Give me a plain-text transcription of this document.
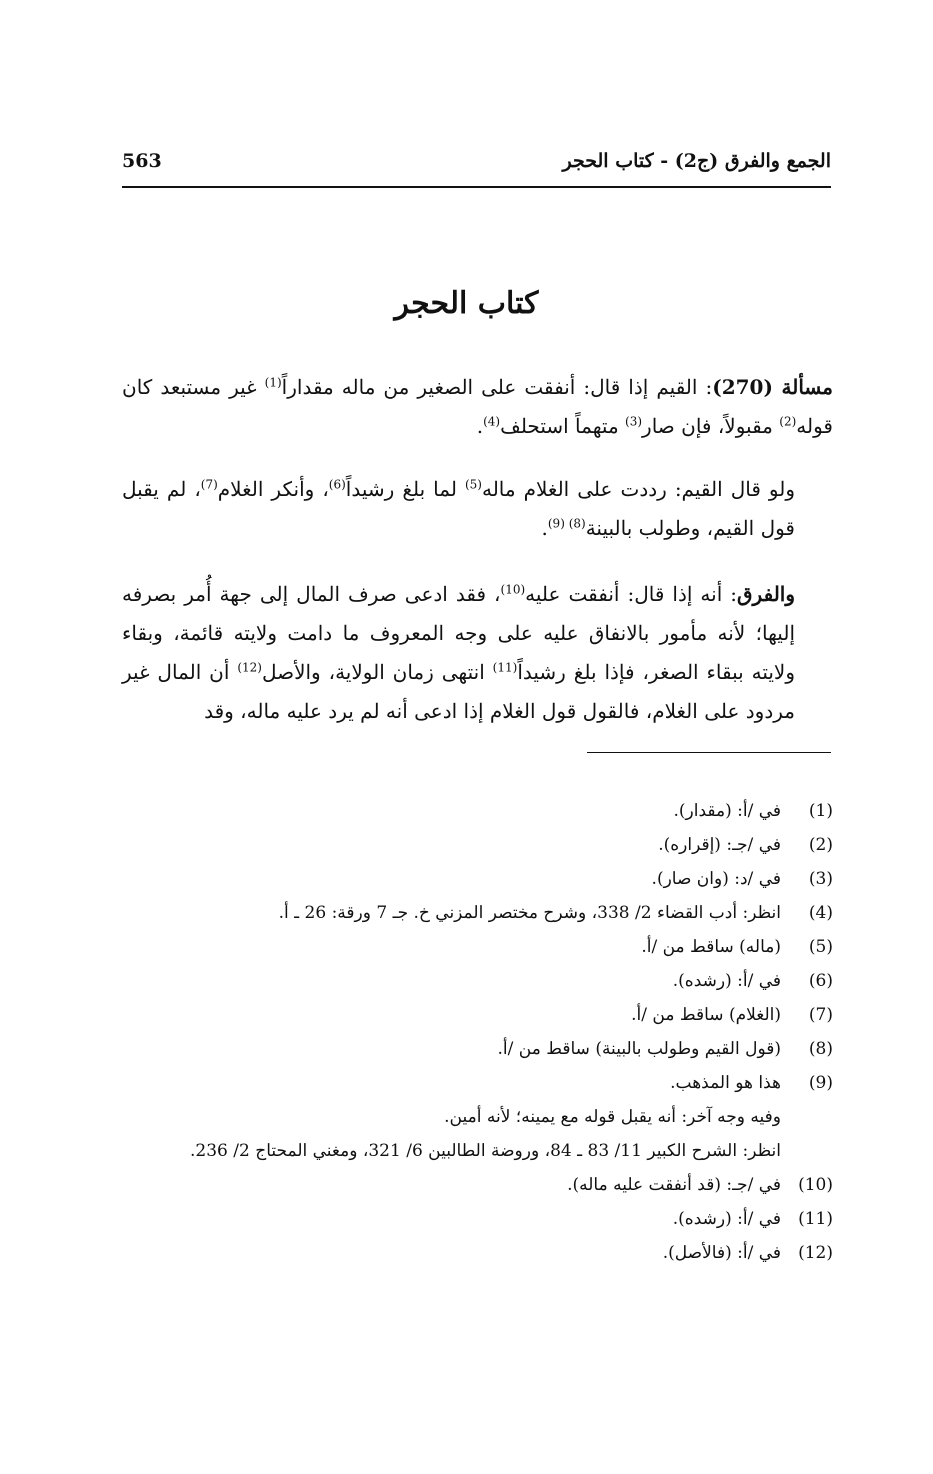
الجمع والفرق (ج2) - كتاب الحجر
563
كتاب الحجر

مسألة (270): القيم إذا قال: أنفقت على الصغير من ماله مقداراً$^{(1)}$ غير مستبعد كان قوله$^{(2)}$ مقبولاً، فإن صار$^{(3)}$ متهماً استحلف$^{(4)}$.

ولو قال القيم: رددت على الغلام ماله$^{(5)}$ لما بلغ رشيداً$^{(6)}$، وأنكر الغلام$^{(7)}$، لم يقبل قول القيم، وطولب بالبينة$^{(8)}$ $^{(9)}$.

والفرق: أنه إذا قال: أنفقت عليه$^{(10)}$، فقد ادعى صرف المال إلى جهة أُمر بصرفه إليها؛ لأنه مأمور بالانفاق عليه على وجه المعروف ما دامت ولايته قائمة، وبقاء ولايته ببقاء الصغر، فإذا بلغ رشيداً$^{(11)}$ انتهى زمان الولاية، والأصل$^{(12)}$ أن المال غير مردود على الغلام، فالقول قول الغلام إذا ادعى أنه لم يرد عليه ماله، وقد

(1)
في /أ: (مقدار).
(2)
في /جـ: (إقراره).
(3)
في /د: (وان صار).
(4)
انظر: أدب القضاء 2/ 338، وشرح مختصر المزني خ. جـ 7 ورقة: 26 ـ أ.
(5)
(ماله) ساقط من /أ.
(6)
في /أ: (رشده).
(7)
(الغلام) ساقط من /أ.
(8)
(قول القيم وطولب بالبينة) ساقط من /أ.
(9)
هذا هو المذهب.
وفيه وجه آخر: أنه يقبل قوله مع يمينه؛ لأنه أمين.
انظر: الشرح الكبير 11/ 83 ـ 84، وروضة الطالبين 6/ 321، ومغني المحتاج 2/ 236.
(10)
في /جـ: (قد أنفقت عليه ماله).
(11)
في /أ: (رشده).
(12)
في /أ: (فالأصل).
